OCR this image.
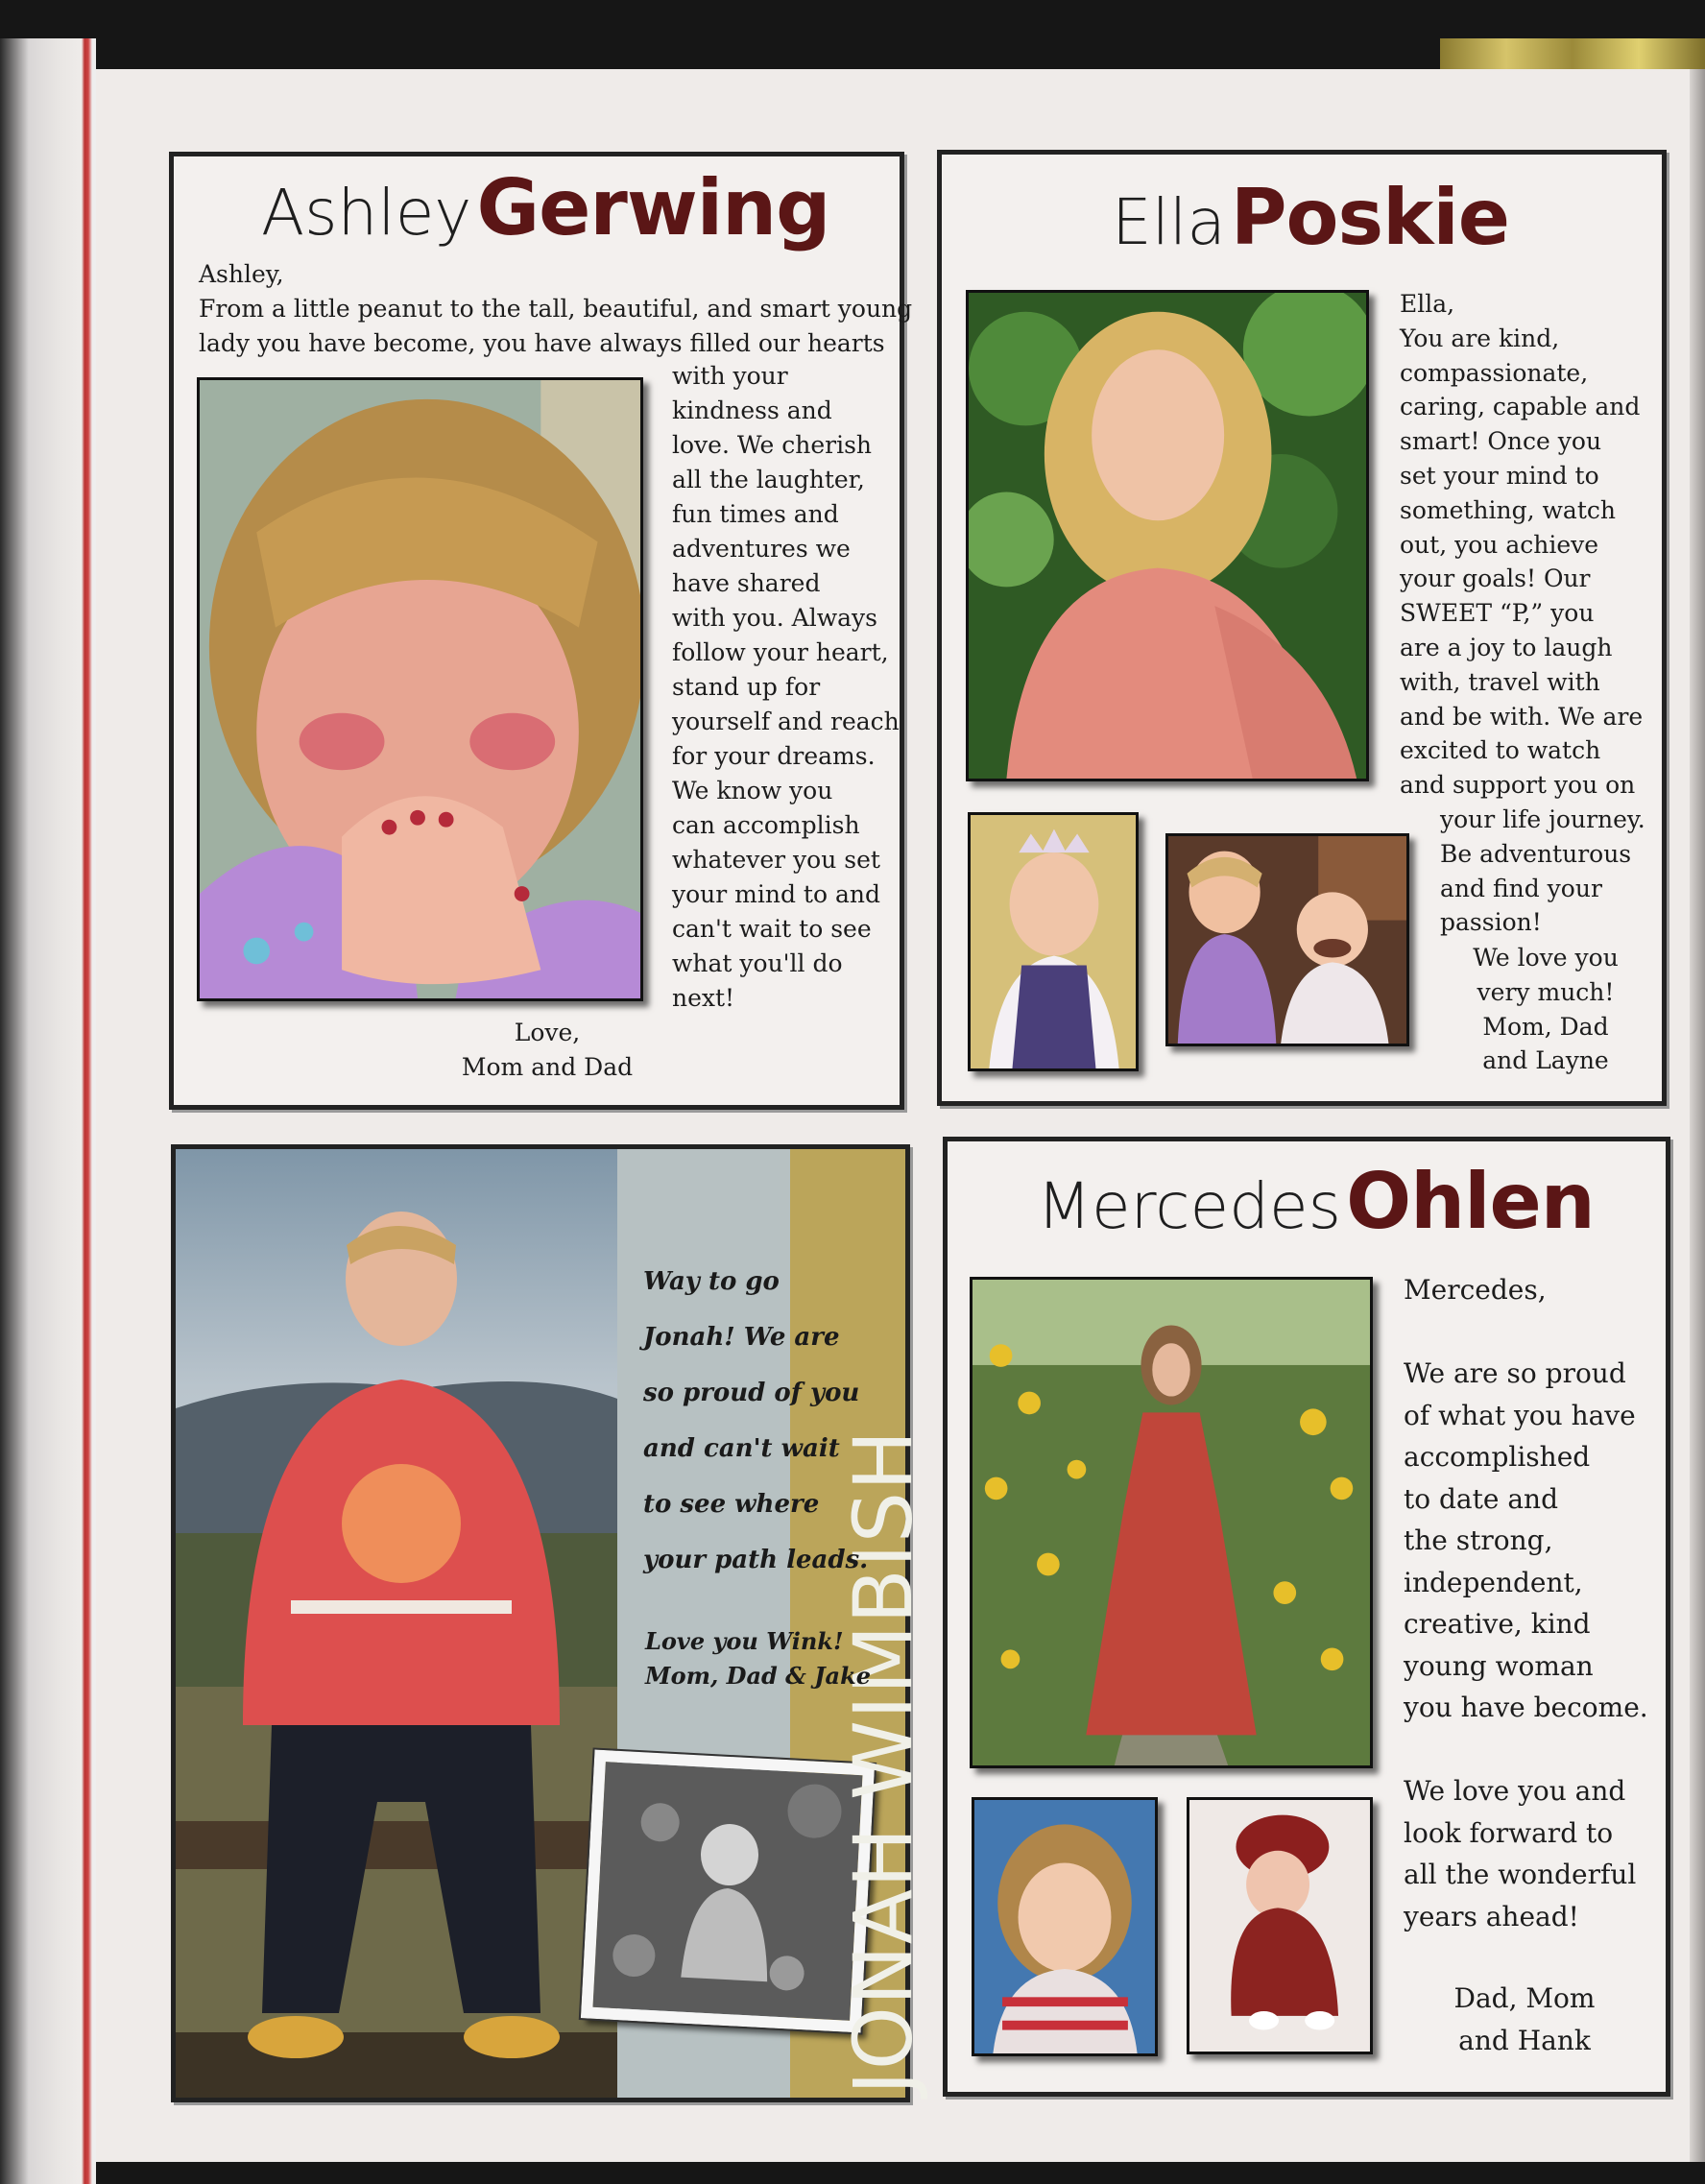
Ashley Gerwing
Ashley,
From a little peanut to the tall, beautiful, and smart young
lady you have become, you have always filled our hearts
with your
kindness and
love. We cherish
all the laughter,
fun times and
adventures we
have shared
with you. Always
follow your heart,
stand up for
yourself and reach
for your dreams.
We know you
can accomplish
whatever you set
your mind to and
can't wait to see
what you'll do
next!
Love,
Mom and Dad
Ella Poskie
Ella,
You are kind,
compassionate,
caring, capable and
smart! Once you
set your mind to
something, watch
out, you achieve
your goals! Our
SWEET “P,” you
are a joy to laugh
with, travel with
and be with. We are
excited to watch
and support you on
your life journey.
Be adventurous
and find your
passion!
We love you
very much!
Mom, Dad
and Layne
JONAH WIMBISH
Way to go
Jonah! We are
so proud of you
and can't wait
to see where
your path leads.
Love you Wink!
Mom, Dad & Jake
Mercedes Ohlen
Mercedes,

We are so proud
of what you have
accomplished
to date and
the strong,
independent,
creative, kind
young woman
you have become.

We love you and
look forward to
all the wonderful
years ahead!
Dad, Mom
and Hank
